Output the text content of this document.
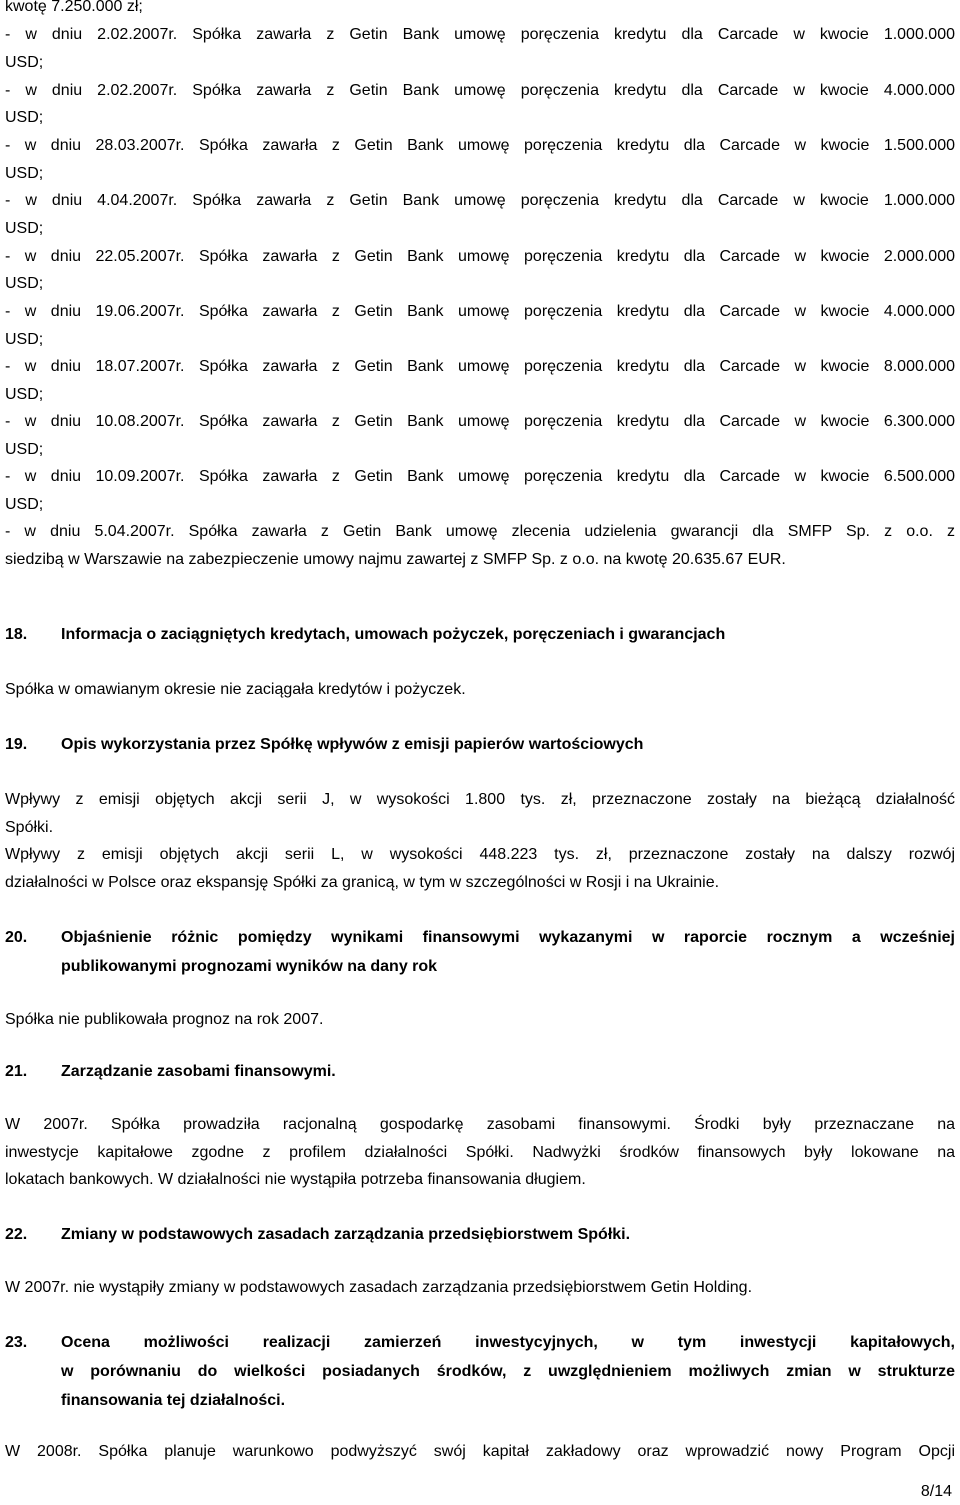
kwotę 7.250.000 zł;
- w dniu 2.02.2007r. Spółka zawarła z Getin Bank umowę poręczenia kredytu dla Carcade w kwocie 1.000.000
USD;
- w dniu 2.02.2007r. Spółka zawarła z Getin Bank umowę poręczenia kredytu dla Carcade w kwocie 4.000.000
USD;
- w dniu 28.03.2007r. Spółka zawarła z Getin Bank umowę poręczenia kredytu dla Carcade w kwocie 1.500.000
USD;
- w dniu 4.04.2007r. Spółka zawarła z Getin Bank umowę poręczenia kredytu dla Carcade w kwocie 1.000.000
USD;
- w dniu 22.05.2007r. Spółka zawarła z Getin Bank umowę poręczenia kredytu dla Carcade w kwocie 2.000.000
USD;
- w dniu 19.06.2007r. Spółka zawarła z Getin Bank umowę poręczenia kredytu dla Carcade w kwocie 4.000.000
USD;
- w dniu 18.07.2007r. Spółka zawarła z Getin Bank umowę poręczenia kredytu dla Carcade w kwocie 8.000.000
USD;
- w dniu 10.08.2007r. Spółka zawarła z Getin Bank umowę poręczenia kredytu dla Carcade w kwocie 6.300.000
USD;
- w dniu 10.09.2007r. Spółka zawarła z Getin Bank umowę poręczenia kredytu dla Carcade w kwocie 6.500.000
USD;
- w dniu 5.04.2007r. Spółka zawarła z Getin Bank umowę zlecenia udzielenia gwarancji dla SMFP Sp. z o.o. z
siedzibą w Warszawie na zabezpieczenie umowy najmu zawartej z SMFP Sp. z o.o. na kwotę 20.635.67 EUR.
18. Informacja o zaciągniętych kredytach, umowach pożyczek, poręczeniach i gwarancjach
Spółka w omawianym okresie nie zaciągała kredytów i pożyczek.
19. Opis wykorzystania przez Spółkę wpływów z emisji papierów wartościowych
Wpływy z emisji objętych akcji serii J, w wysokości 1.800 tys. zł, przeznaczone zostały na bieżącą działalność
Spółki.
Wpływy z emisji objętych akcji serii L, w wysokości 448.223 tys. zł, przeznaczone zostały na dalszy rozwój
działalności w Polsce oraz ekspansję Spółki za granicą, w tym w szczególności w Rosji i na Ukrainie.
20. Objaśnienie różnic pomiędzy wynikami finansowymi wykazanymi w raporcie rocznym a wcześniej
publikowanymi prognozami wyników na dany rok
Spółka nie publikowała prognoz na rok 2007.
21. Zarządzanie zasobami finansowymi.
W 2007r. Spółka prowadziła racjonalną gospodarkę zasobami finansowymi. Środki były przeznaczane na
inwestycje kapitałowe zgodne z profilem działalności Spółki. Nadwyżki środków finansowych były lokowane na
lokatach bankowych. W działalności nie wystąpiła potrzeba finansowania długiem.
22. Zmiany w podstawowych zasadach zarządzania przedsiębiorstwem Spółki.
W 2007r. nie wystąpiły zmiany w podstawowych zasadach zarządzania przedsiębiorstwem Getin Holding.
23. Ocena możliwości realizacji zamierzeń inwestycyjnych, w tym inwestycji kapitałowych,
w porównaniu do wielkości posiadanych środków, z uwzględnieniem możliwych zmian w strukturze
finansowania tej działalności.
W 2008r. Spółka planuje warunkowo podwyższyć swój kapitał zakładowy oraz wprowadzić nowy Program Opcji
8/14
